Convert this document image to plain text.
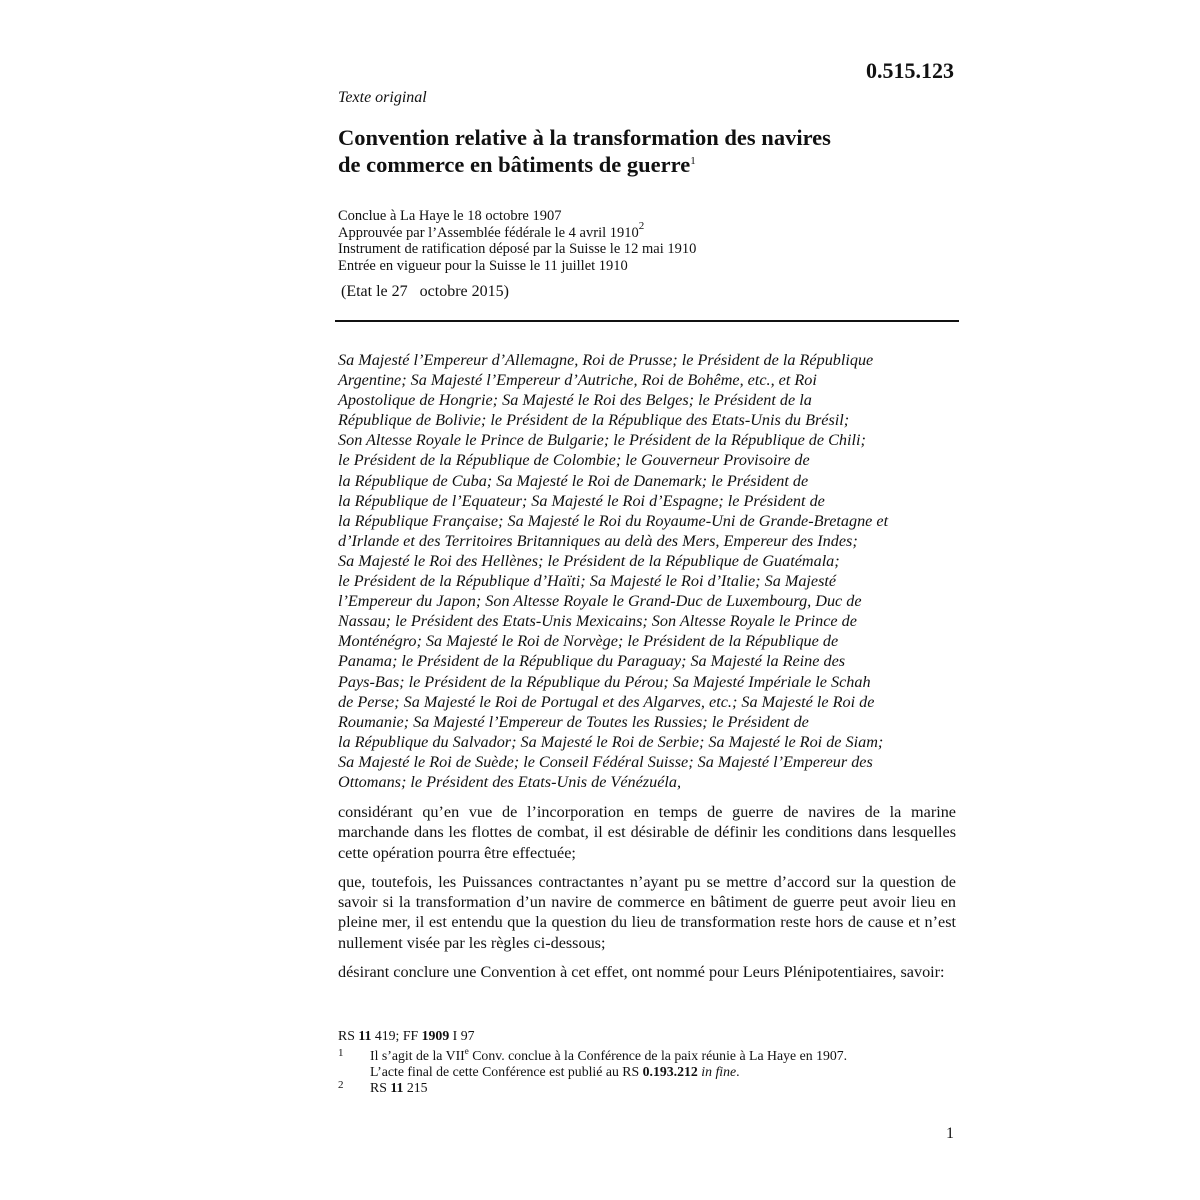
0.515.123
Texte original
Convention relative à la transformation des navires
de commerce en bâtiments de guerre$^1$
Conclue à La Haye le 18 octobre 1907
Approuvée par l’Assemblée fédérale le 4 avril 1910$^2$
Instrument de ratification déposé par la Suisse le 12 mai 1910
Entrée en vigueur pour la Suisse le 11 juillet 1910
(Etat le 27   octobre 2015)
Sa Majesté l’Empereur d’Allemagne, Roi de Prusse; le Président de la République
Argentine; Sa Majesté l’Empereur d’Autriche, Roi de Bohême, etc., et Roi
Apostolique de Hongrie; Sa Majesté le Roi des Belges; le Président de la
République de Bolivie; le Président de la République des Etats-Unis du Brésil;
Son Altesse Royale le Prince de Bulgarie; le Président de la République de Chili;
le Président de la République de Colombie; le Gouverneur Provisoire de
la République de Cuba; Sa Majesté le Roi de Danemark; le Président de
la République de l’Equateur; Sa Majesté le Roi d’Espagne; le Président de
la République Française; Sa Majesté le Roi du Royaume-Uni de Grande-Bretagne et
d’Irlande et des Territoires Britanniques au delà des Mers, Empereur des Indes;
Sa Majesté le Roi des Hellènes; le Président de la République de Guatémala;
le Président de la République d’Haïti; Sa Majesté le Roi d’Italie; Sa Majesté
l’Empereur du Japon; Son Altesse Royale le Grand-Duc de Luxembourg, Duc de
Nassau; le Président des Etats-Unis Mexicains; Son Altesse Royale le Prince de
Monténégro; Sa Majesté le Roi de Norvège; le Président de la République de
Panama; le Président de la République du Paraguay; Sa Majesté la Reine des
Pays-Bas; le Président de la République du Pérou; Sa Majesté Impériale le Schah
de Perse; Sa Majesté le Roi de Portugal et des Algarves, etc.; Sa Majesté le Roi de
Roumanie; Sa Majesté l’Empereur de Toutes les Russies; le Président de
la République du Salvador; Sa Majesté le Roi de Serbie; Sa Majesté le Roi de Siam;
Sa Majesté le Roi de Suède; le Conseil Fédéral Suisse; Sa Majesté l’Empereur des
Ottomans; le Président des Etats-Unis de Vénézuéla,

considérant qu’en vue de l’incorporation en temps de guerre de navires de la marine marchande dans les flottes de combat, il est désirable de définir les conditions dans lesquelles cette opération pourra être effectuée;

que, toutefois, les Puissances contractantes n’ayant pu se mettre d’accord sur la question de savoir si la transformation d’un navire de commerce en bâtiment de guerre peut avoir lieu en pleine mer, il est entendu que la question du lieu de transformation reste hors de cause et n’est nullement visée par les règles ci-dessous;

désirant conclure une Convention à cet effet, ont nommé pour Leurs Plénipotentiaires, savoir:

RS 11 419; FF 1909 I 97
1 Il s’agit de la VIIe Conv. conclue à la Conférence de la paix réunie à La Haye en 1907.
L’acte final de cette Conférence est publié au RS 0.193.212 in fine.
2 RS 11 215
1
